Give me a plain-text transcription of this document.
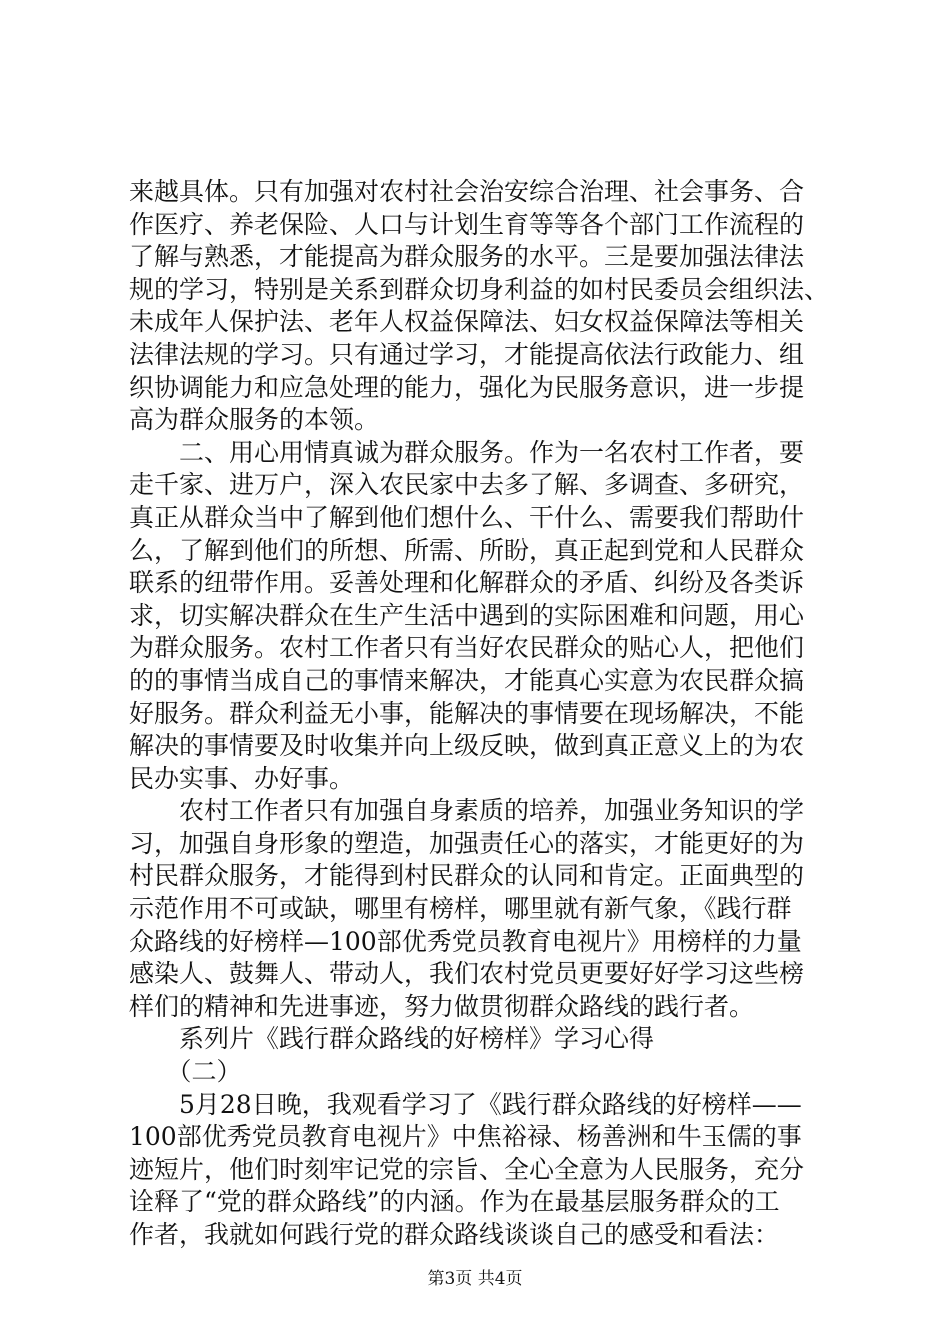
来越具体。只有加强对农村社会治安综合治理、社会事务、合
作医疗、养老保险、人口与计划生育等等各个部门工作流程的
了解与熟悉，才能提高为群众服务的水平。三是要加强法律法
规的学习，特别是关系到群众切身利益的如村民委员会组织法、
未成年人保护法、老年人权益保障法、妇女权益保障法等相关
法律法规的学习。只有通过学习，才能提高依法行政能力、组
织协调能力和应急处理的能力，强化为民服务意识，进一步提
高为群众服务的本领。
　　二、用心用情真诚为群众服务。作为一名农村工作者，要
走千家、进万户，深入农民家中去多了解、多调查、多研究，
真正从群众当中了解到他们想什么、干什么、需要我们帮助什
么，了解到他们的所想、所需、所盼，真正起到党和人民群众
联系的纽带作用。妥善处理和化解群众的矛盾、纠纷及各类诉
求，切实解决群众在生产生活中遇到的实际困难和问题，用心
为群众服务。农村工作者只有当好农民群众的贴心人，把他们
的的事情当成自己的事情来解决，才能真心实意为农民群众搞
好服务。群众利益无小事，能解决的事情要在现场解决，不能
解决的事情要及时收集并向上级反映，做到真正意义上的为农
民办实事、办好事。
　　农村工作者只有加强自身素质的培养，加强业务知识的学
习，加强自身形象的塑造，加强责任心的落实，才能更好的为
村民群众服务，才能得到村民群众的认同和肯定。正面典型的
示范作用不可或缺，哪里有榜样，哪里就有新气象，《践行群
众路线的好榜样—100部优秀党员教育电视片》用榜样的力量
感染人、鼓舞人、带动人，我们农村党员更要好好学习这些榜
样们的精神和先进事迹，努力做贯彻群众路线的践行者。
　　系列片《践行群众路线的好榜样》学习心得
　　（二）
　　5月28日晚，我观看学习了《践行群众路线的好榜样——
100部优秀党员教育电视片》中焦裕禄、杨善洲和牛玉儒的事
迹短片，他们时刻牢记党的宗旨、全心全意为人民服务，充分
诠释了“党的群众路线”的内涵。作为在最基层服务群众的工
作者，我就如何践行党的群众路线谈谈自己的感受和看法：
第3页 共4页
